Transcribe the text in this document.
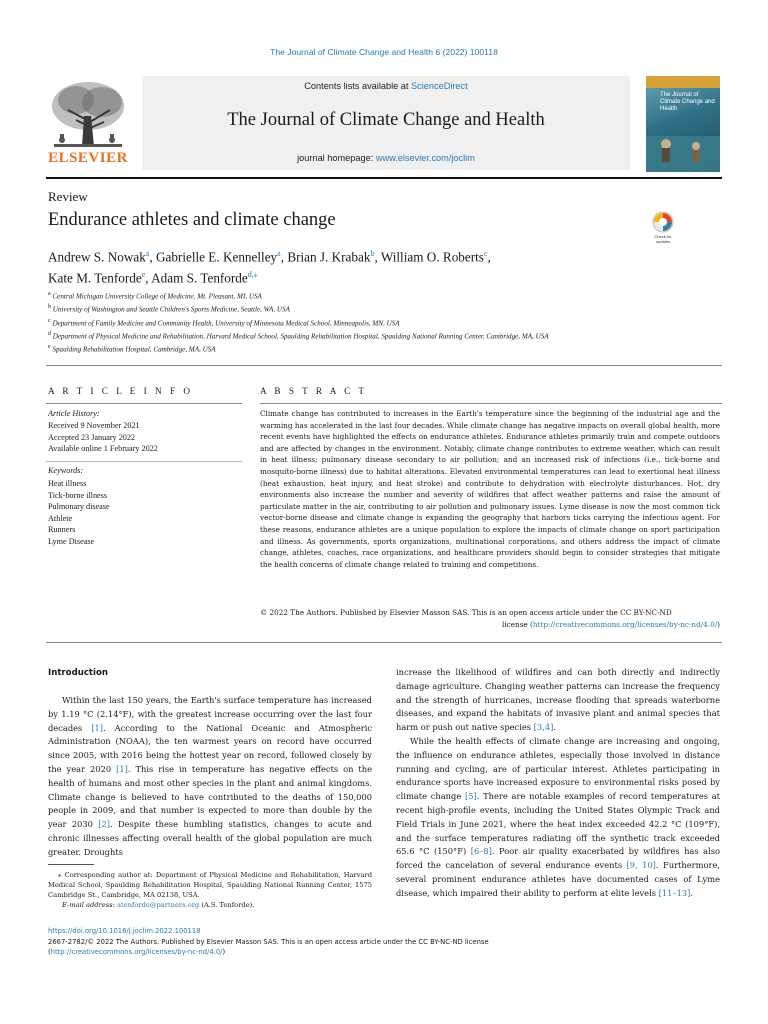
The Journal of Climate Change and Health 6 (2022) 100118
Contents lists available at ScienceDirect
The Journal of Climate Change and Health
journal homepage: www.elsevier.com/joclim
ELSEVIER
The Journal of Climate Change and Health
Review
Endurance athletes and climate change
Check for
updates
Andrew S. Nowak$^a$, Gabrielle E. Kennelley$^a$, Brian J. Krabak$^b$, William O. Roberts$^c$,
Kate M. Tenforde$^e$, Adam S. Tenforde$^{d,⁎}$
$^a$ Central Michigan University College of Medicine, Mt. Pleasant, MI, USA
$^b$ University of Washington and Seattle Children's Sports Medicine, Seattle, WA, USA
$^c$ Department of Family Medicine and Community Health, University of Minnesota Medical School, Minneapolis, MN, USA
$^d$ Department of Physical Medicine and Rehabilitation, Harvard Medical School, Spaulding Rehabilitation Hospital, Spaulding National Running Center, Cambridge, MA, USA
$^e$ Spaulding Rehabilitation Hospital, Cambridge, MA, USA
A R T I C L E I N F O
Article History:
Received 9 November 2021
Accepted 23 January 2022
Available online 1 February 2022
Keywords:
Heat illness
Tick-borne illness
Pulmonary disease
Athlete
Runners
Lyme Disease
A B S T R A C T
Climate change has contributed to increases in the Earth's temperature since the beginning of the industrial age and the warming has accelerated in the last four decades. While climate change has negative impacts on overall global health, more recent events have highlighted the effects on endurance athletes. Endurance athletes primarily train and compete outdoors and are affected by changes in the environment. Notably, climate change contributes to extreme weather, which can result in heat illness; pulmonary disease secondary to air pollution; and an increased risk of infections (i.e., tick-borne and mosquito-borne illness) due to habitat alterations. Elevated environmental temperatures can lead to exertional heat illness (heat exhaustion, heat injury, and heat stroke) and contribute to dehydration with electrolyte disturbances. Hot, dry environments also increase the number and severity of wildfires that affect weather patterns and raise the amount of particulate matter in the air, contributing to air pollution and pulmonary issues. Lyme disease is now the most common tick vector-borne disease and climate change is expanding the geography that harbors ticks carrying the infectious agent. For these reasons, endurance athletes are a unique population to explore the impacts of climate change on sport participation and illness. As governments, sports organizations, multinational corporations, and others address the impact of climate change, athletes, coaches, race organizations, and healthcare providers should begin to consider strategies that mitigate the health concerns of climate change related to training and competitions.
© 2022 The Authors. Published by Elsevier Masson SAS. This is an open access article under the CC BY-NC-ND
license (http://creativecommons.org/licenses/by-nc-nd/4.0/)
Introduction

Within the last 150 years, the Earth's surface temperature has increased by 1.19 °C (2.14°F), with the greatest increase occurring over the last four decades [1]. According to the National Oceanic and Atmospheric Administration (NOAA), the ten warmest years on record have occurred since 2005, with 2016 being the hottest year on record, followed closely by the year 2020 [1]. This rise in temperature has negative effects on the health of humans and most other species in the plant and animal kingdoms. Climate change is believed to have contributed to the deaths of 150,000 people in 2009, and that number is expected to more than double by the year 2030 [2]. Despite these humbling statistics, changes to acute and chronic illnesses affecting overall health of the global population are much greater. Droughts

increase the likelihood of wildfires and can both directly and indirectly damage agriculture. Changing weather patterns can increase the frequency and the strength of hurricanes, increase flooding that spreads waterborne diseases, and expand the habitats of invasive plant and animal species that harm or push out native species [3,4].

While the health effects of climate change are increasing and ongoing, the influence on endurance athletes, especially those involved in distance running and cycling, are of particular interest. Athletes participating in endurance sports have increased exposure to environmental risks posed by climate change [5]. There are notable examples of record temperatures at recent high-profile events, including the United States Olympic Track and Field Trials in June 2021, where the heat index exceeded 42.2 °C (109°F), and the surface temperatures radiating off the synthetic track exceeded 65.6 °C (150°F) [6–8]. Poor air quality exacerbated by wildfires has also forced the cancelation of several endurance events [9, 10]. Furthermore, several prominent endurance athletes have documented cases of Lyme disease, which impaired their ability to perform at elite levels [11–13].

⁎ Corresponding author at: Department of Physical Medicine and Rehabilitation, Harvard Medical School, Spaulding Rehabilitation Hospital, Spaulding National Running Center, 1575 Cambridge St., Cambridge, MA 02138, USA.

E-mail address: atenforde@partners.org (A.S. Tenforde).

https://doi.org/10.1016/j.joclim.2022.100118
2667-2782/© 2022 The Authors. Published by Elsevier Masson SAS. This is an open access article under the CC BY-NC-ND license
(http://creativecommons.org/licenses/by-nc-nd/4.0/)
